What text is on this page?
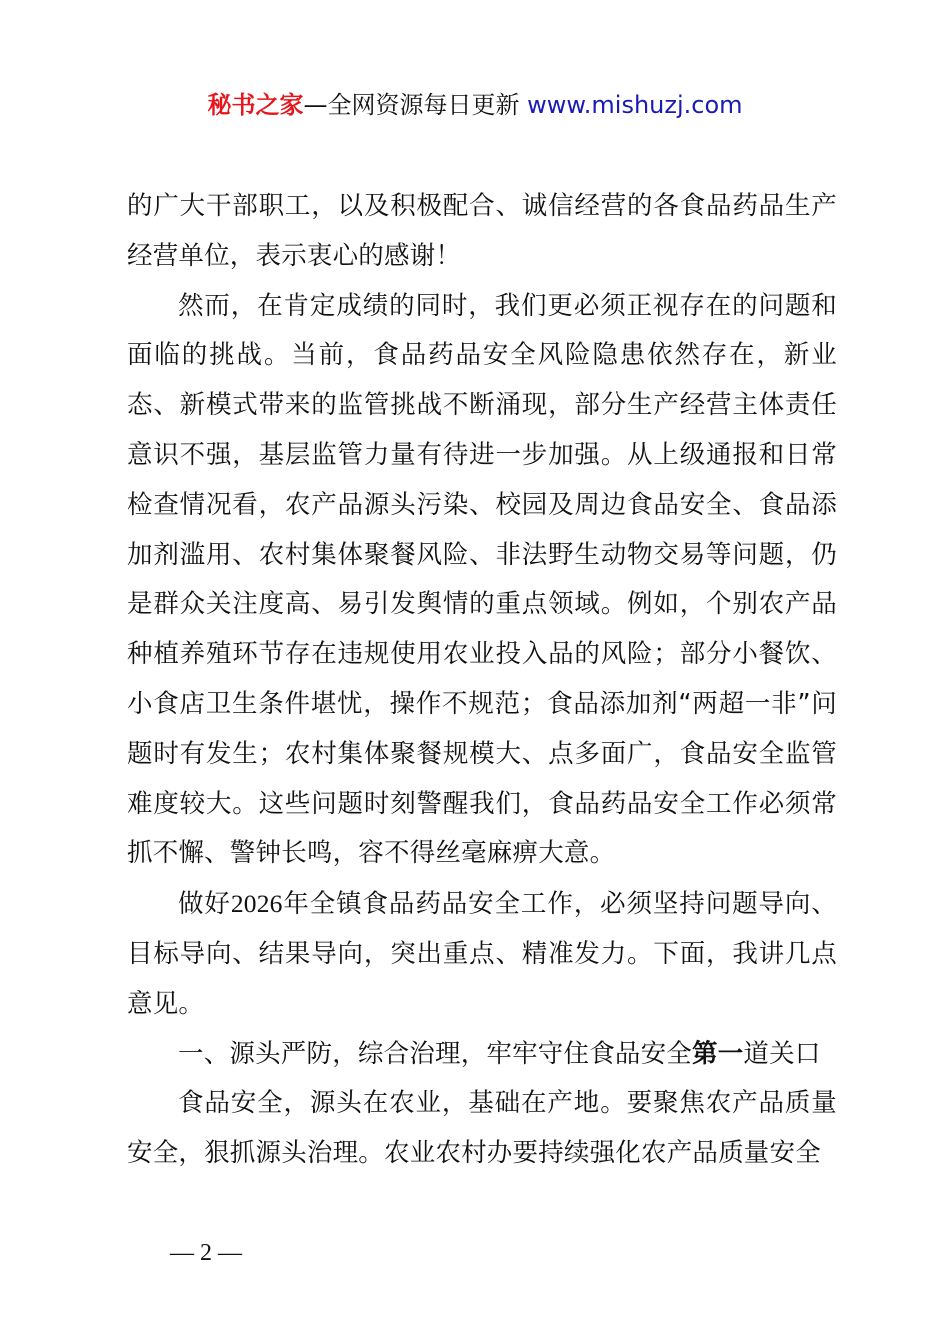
秘书之家—全网资源每日更新 www.mishuzj.com

的广大干部职工，以及积极配合、诚信经营的各食品药品生产经营单位，表示衷心的感谢！

然而，在肯定成绩的同时，我们更必须正视存在的问题和面临的挑战。当前，食品药品安全风险隐患依然存在，新业态、新模式带来的监管挑战不断涌现，部分生产经营主体责任意识不强，基层监管力量有待进一步加强。从上级通报和日常检查情况看，农产品源头污染、校园及周边食品安全、食品添加剂滥用、农村集体聚餐风险、非法野生动物交易等问题，仍是群众关注度高、易引发舆情的重点领域。例如，个别农产品种植养殖环节存在违规使用农业投入品的风险；部分小餐饮、小食店卫生条件堪忧，操作不规范；食品添加剂“两超一非”问题时有发生；农村集体聚餐规模大、点多面广，食品安全监管难度较大。这些问题时刻警醒我们，食品药品安全工作必须常抓不懈、警钟长鸣，容不得丝毫麻痹大意。

做好2026年全镇食品药品安全工作，必须坚持问题导向、目标导向、结果导向，突出重点、精准发力。下面，我讲几点意见。

一、源头严防，综合治理，牢牢守住食品安全第一道关口

食品安全，源头在农业，基础在产地。要聚焦农产品质量安全，狠抓源头治理。农业农村办要持续强化农产品质量安全

— 2 —
